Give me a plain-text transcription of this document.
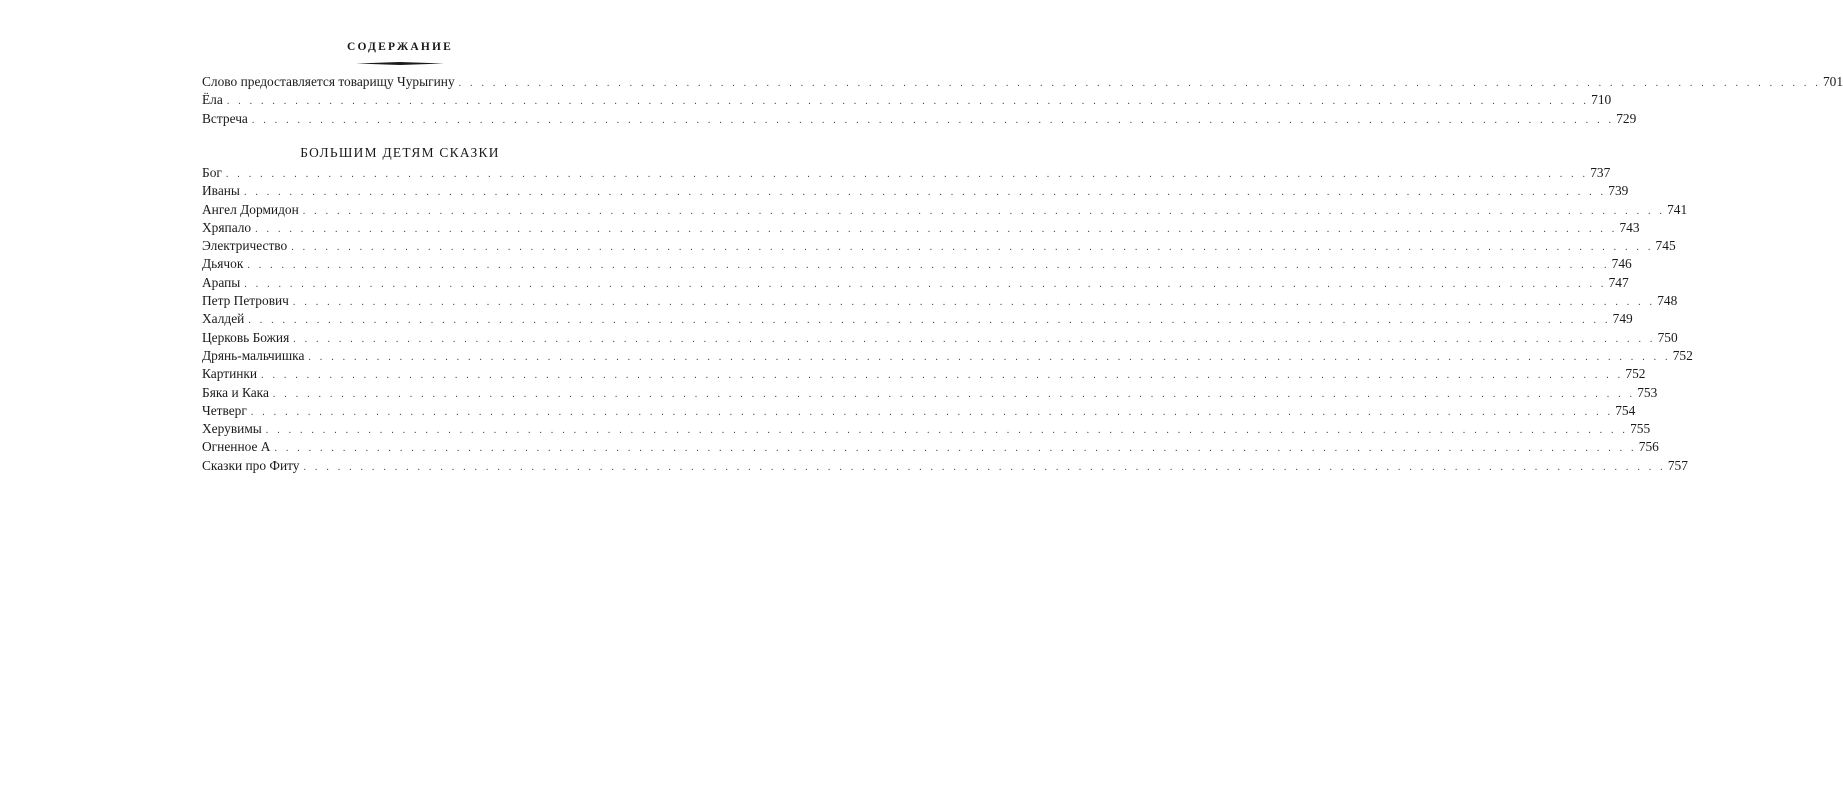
СОДЕРЖАНИЕ
Слово предоставляется товарищу Чурыгину . . . . . . . . . . . . . . . . . . . . . . . . . . . . . . . . . . . . . . . . . . . . . . . . . . . . . . . . . . . . . . . . . . . . . . . . . . . . . . . . . . . . . . . . . . . . . . . . . . . . . . . . . . . . . . . . . . . . . . . . 701
Ёла . . . . . . . . . . . . . . . . . . . . . . . . . . . . . . . . . . . . . . . . . . . . . . . . . . . . . . . . . . . . . . . . . . . . . . . . . . . . . . . . . . . . . . . . . . . . . . . . . . . . . . . . . . . . . . . . . . . . . . . . 710
Встреча . . . . . . . . . . . . . . . . . . . . . . . . . . . . . . . . . . . . . . . . . . . . . . . . . . . . . . . . . . . . . . . . . . . . . . . . . . . . . . . . . . . . . . . . . . . . . . . . . . . . . . . . . . . . . . . . . . . . . . . . 729
БОЛЬШИМ ДЕТЯМ СКАЗКИ
Бог . . . . . . . . . . . . . . . . . . . . . . . . . . . . . . . . . . . . . . . . . . . . . . . . . . . . . . . . . . . . . . . . . . . . . . . . . . . . . . . . . . . . . . . . . . . . . . . . . . . . . . . . . . . . . . . . . . . . . . . . 737
Иваны . . . . . . . . . . . . . . . . . . . . . . . . . . . . . . . . . . . . . . . . . . . . . . . . . . . . . . . . . . . . . . . . . . . . . . . . . . . . . . . . . . . . . . . . . . . . . . . . . . . . . . . . . . . . . . . . . . . . . . . . 739
Ангел Дормидон . . . . . . . . . . . . . . . . . . . . . . . . . . . . . . . . . . . . . . . . . . . . . . . . . . . . . . . . . . . . . . . . . . . . . . . . . . . . . . . . . . . . . . . . . . . . . . . . . . . . . . . . . . . . . . . . . . . . . . . . 741
Хряпало . . . . . . . . . . . . . . . . . . . . . . . . . . . . . . . . . . . . . . . . . . . . . . . . . . . . . . . . . . . . . . . . . . . . . . . . . . . . . . . . . . . . . . . . . . . . . . . . . . . . . . . . . . . . . . . . . . . . . . . . 743
Электричество . . . . . . . . . . . . . . . . . . . . . . . . . . . . . . . . . . . . . . . . . . . . . . . . . . . . . . . . . . . . . . . . . . . . . . . . . . . . . . . . . . . . . . . . . . . . . . . . . . . . . . . . . . . . . . . . . . . . . . . . 745
Дьячок . . . . . . . . . . . . . . . . . . . . . . . . . . . . . . . . . . . . . . . . . . . . . . . . . . . . . . . . . . . . . . . . . . . . . . . . . . . . . . . . . . . . . . . . . . . . . . . . . . . . . . . . . . . . . . . . . . . . . . . . 746
Арапы . . . . . . . . . . . . . . . . . . . . . . . . . . . . . . . . . . . . . . . . . . . . . . . . . . . . . . . . . . . . . . . . . . . . . . . . . . . . . . . . . . . . . . . . . . . . . . . . . . . . . . . . . . . . . . . . . . . . . . . . 747
Петр Петрович . . . . . . . . . . . . . . . . . . . . . . . . . . . . . . . . . . . . . . . . . . . . . . . . . . . . . . . . . . . . . . . . . . . . . . . . . . . . . . . . . . . . . . . . . . . . . . . . . . . . . . . . . . . . . . . . . . . . . . . . 748
Халдей . . . . . . . . . . . . . . . . . . . . . . . . . . . . . . . . . . . . . . . . . . . . . . . . . . . . . . . . . . . . . . . . . . . . . . . . . . . . . . . . . . . . . . . . . . . . . . . . . . . . . . . . . . . . . . . . . . . . . . . . 749
Церковь Божия . . . . . . . . . . . . . . . . . . . . . . . . . . . . . . . . . . . . . . . . . . . . . . . . . . . . . . . . . . . . . . . . . . . . . . . . . . . . . . . . . . . . . . . . . . . . . . . . . . . . . . . . . . . . . . . . . . . . . . . . 750
Дрянь-мальчишка . . . . . . . . . . . . . . . . . . . . . . . . . . . . . . . . . . . . . . . . . . . . . . . . . . . . . . . . . . . . . . . . . . . . . . . . . . . . . . . . . . . . . . . . . . . . . . . . . . . . . . . . . . . . . . . . . . . . . . . . 752
Картинки . . . . . . . . . . . . . . . . . . . . . . . . . . . . . . . . . . . . . . . . . . . . . . . . . . . . . . . . . . . . . . . . . . . . . . . . . . . . . . . . . . . . . . . . . . . . . . . . . . . . . . . . . . . . . . . . . . . . . . . . 752
Бяка и Кака . . . . . . . . . . . . . . . . . . . . . . . . . . . . . . . . . . . . . . . . . . . . . . . . . . . . . . . . . . . . . . . . . . . . . . . . . . . . . . . . . . . . . . . . . . . . . . . . . . . . . . . . . . . . . . . . . . . . . . . . 753
Четверг . . . . . . . . . . . . . . . . . . . . . . . . . . . . . . . . . . . . . . . . . . . . . . . . . . . . . . . . . . . . . . . . . . . . . . . . . . . . . . . . . . . . . . . . . . . . . . . . . . . . . . . . . . . . . . . . . . . . . . . . 754
Херувимы . . . . . . . . . . . . . . . . . . . . . . . . . . . . . . . . . . . . . . . . . . . . . . . . . . . . . . . . . . . . . . . . . . . . . . . . . . . . . . . . . . . . . . . . . . . . . . . . . . . . . . . . . . . . . . . . . . . . . . . . 755
Огненное А . . . . . . . . . . . . . . . . . . . . . . . . . . . . . . . . . . . . . . . . . . . . . . . . . . . . . . . . . . . . . . . . . . . . . . . . . . . . . . . . . . . . . . . . . . . . . . . . . . . . . . . . . . . . . . . . . . . . . . . . 756
Сказки про Фиту . . . . . . . . . . . . . . . . . . . . . . . . . . . . . . . . . . . . . . . . . . . . . . . . . . . . . . . . . . . . . . . . . . . . . . . . . . . . . . . . . . . . . . . . . . . . . . . . . . . . . . . . . . . . . . . . . . . . . . . . 757
